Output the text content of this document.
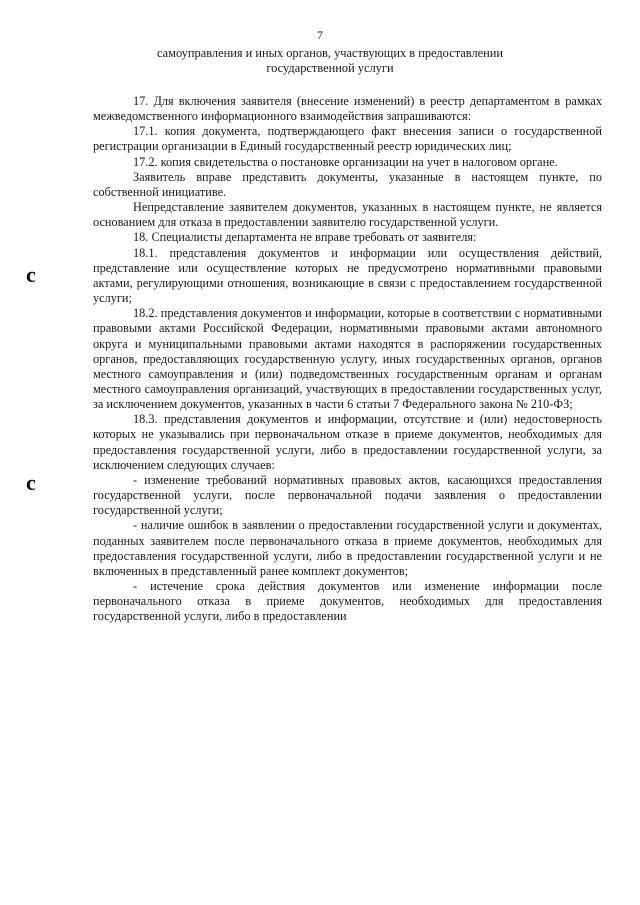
7
самоуправления и иных органов, участвующих в предоставлении
государственной услуги
c
c

17. Для включения заявителя (внесение изменений) в реестр департаментом в рамках межведомственного информационного взаимодействия запрашиваются:

17.1. копия документа, подтверждающего факт внесения записи о государственной регистрации организации в Единый государственный реестр юридических лиц;

17.2. копия свидетельства о постановке организации на учет в налоговом органе.

Заявитель вправе представить документы, указанные в настоящем пункте, по собственной инициативе.

Непредставление заявителем документов, указанных в настоящем пункте, не является основанием для отказа в предоставлении заявителю государственной услуги.

18. Специалисты департамента не вправе требовать от заявителя:

18.1. представления документов и информации или осуществления действий, представление или осуществление которых не предусмотрено нормативными правовыми актами, регулирующими отношения, возникающие в связи с предоставлением государственной услуги;

18.2. представления документов и информации, которые в соответствии с нормативными правовыми актами Российской Федерации, нормативными правовыми актами автономного округа и муниципальными правовыми актами находятся в распоряжении государственных органов, предоставляющих государственную услугу, иных государственных органов, органов местного самоуправления и (или) подведомственных государственным органам и органам местного самоуправления организаций, участвующих в предоставлении государственных услуг, за исключением документов, указанных в части 6 статьи 7 Федерального закона № 210-ФЗ;

18.3. представления документов и информации, отсутствие и (или) недостоверность которых не указывались при первоначальном отказе в приеме документов, необходимых для предоставления государственной услуги, либо в предоставлении государственной услуги, за исключением следующих случаев:

- изменение требований нормативных правовых актов, касающихся предоставления государственной услуги, после первоначальной подачи заявления о предоставлении государственной услуги;

- наличие ошибок в заявлении о предоставлении государственной услуги и документах, поданных заявителем после первоначального отказа в приеме документов, необходимых для предоставления государственной услуги, либо в предоставлении государственной услуги и не включенных в представленный ранее комплект документов;

- истечение срока действия документов или изменение информации после первоначального отказа в приеме документов, необходимых для предоставления государственной услуги, либо в предоставлении
